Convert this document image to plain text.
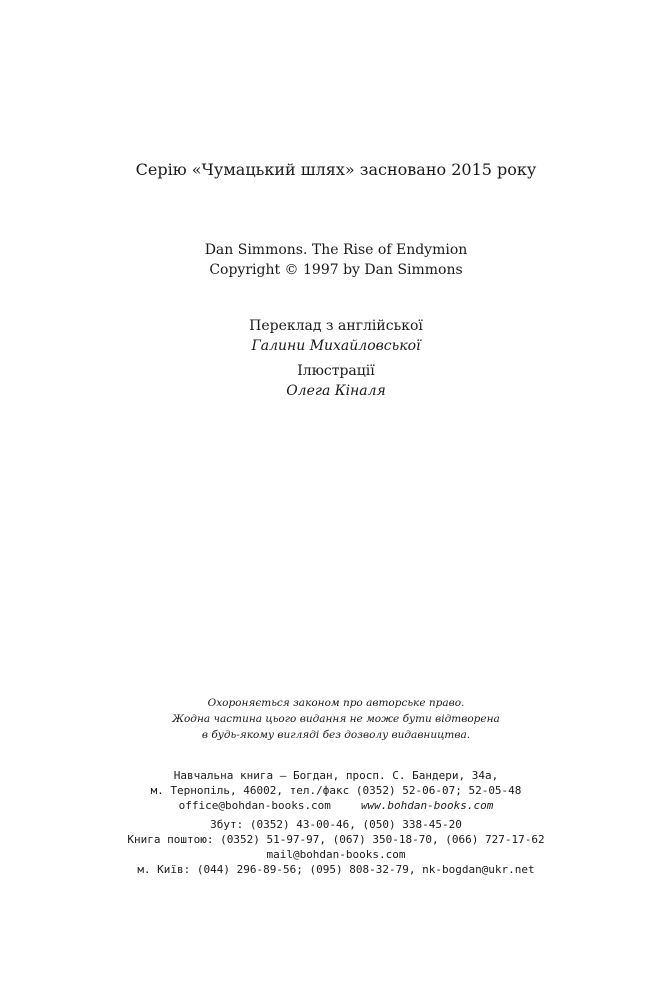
Серію «Чумацький шлях» засновано 2015 року
Dan Simmons. The Rise of Endymion
Copyright © 1997 by Dan Simmons
Переклад з англійської
Галини Михайловської
Ілюстрації
Олега Кіналя
Охороняється законом про авторське право.
Жодна частина цього видання не може бути відтворена
в будь-якому вигляді без дозволу видавництва.
Навчальна книга — Богдан, просп. С. Бандери, 34а,
м. Тернопіль, 46002, тел./факс (0352) 52-06-07; 52-05-48
office@bohdan-books.com	www.bohdan-books.com
Збут: (0352) 43-00-46, (050) 338-45-20
Книга поштою: (0352) 51-97-97, (067) 350-18-70, (066) 727-17-62
mail@bohdan-books.com
м. Київ: (044) 296-89-56; (095) 808-32-79, nk-bogdan@ukr.net
